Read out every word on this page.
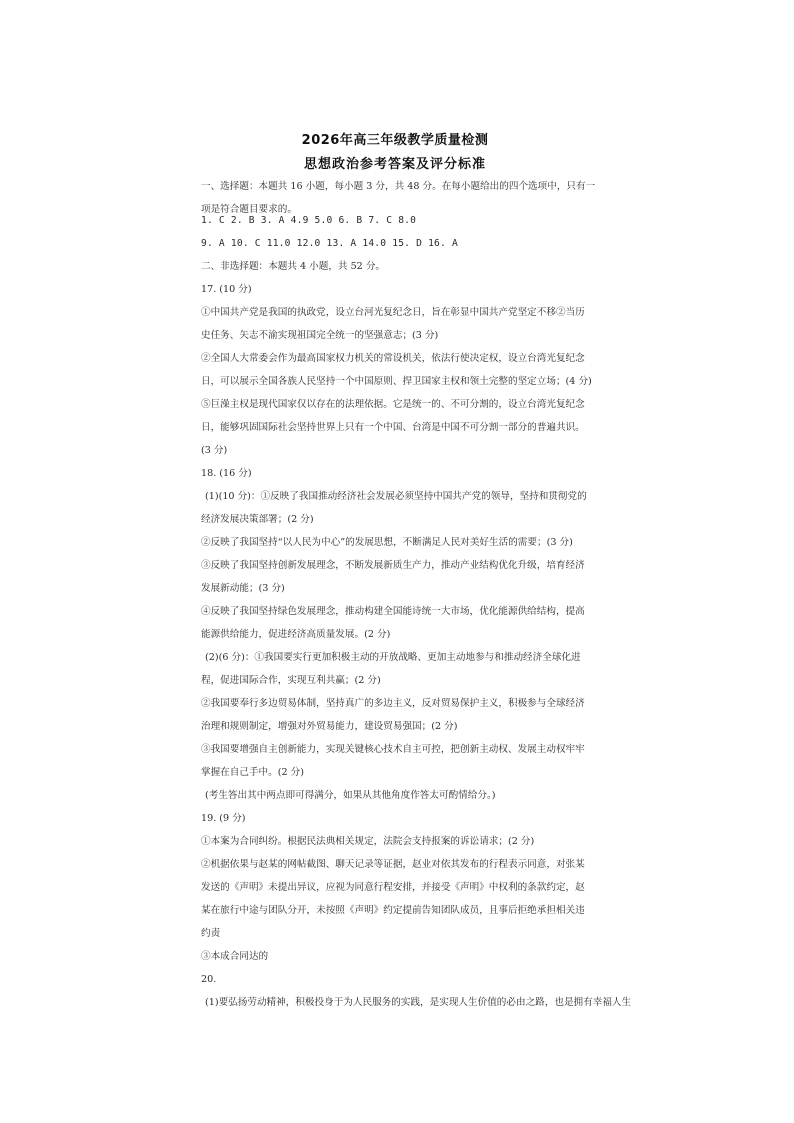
2026年高三年级教学质量检测
思想政治参考答案及评分标准
一、选择题：本题共 16 小题，每小题 3 分，共 48 分。在每小题给出的四个选项中，只有一
项是符合题目要求的。
1. C 2. B 3. A 4.9 5.0 6. B 7. C 8.0
9. A 10. C 11.0 12.0 13. A 14.0 15. D 16. A
二、非选择题：本题共 4 小题，共 52 分。
17. (10 分)
①中国共产党是我国的执政党，设立台河光复纪念日，旨在彰显中国共产党坚定不移②当历
史任务、矢志不渝实现祖国完全统一的坚强意志；(3 分)
②全国人大常委会作为最高国家权力机关的常设机关，依法行使决定权，设立台湾光复纪念
日，可以展示全国各族人民坚持一个中国原则、捍卫国家主权和领土完整的坚定立场；(4 分)
⑤巨澡主权是现代国家仅以存在的法理依据。它是统一的、不可分割的，设立台湾光复纪念
日，能够巩固国际社会坚持世界上只有一个中国、台湾是中国不可分割一部分的普遍共识。
(3 分)
18. (16 分)
(1)(10 分)：①反映了我国推动经济社会发展必须坚持中国共产党的领导，坚持和贯彻党的
经济发展决策部署；(2 分)
②反映了我国坚持“以人民为中心”的发展思想，不断满足人民对美好生活的需要；(3 分)
③反映了我国坚持创新发展理念，不断发展新质生产力，推动产业结构优化升级，培育经济
发展新动能；(3 分)
④反映了我国坚持绿色发展理念，推动构建全国能诗统一大市场，优化能源供给结构，提高
能源供给能力，促进经济高质量发展。(2 分)
(2)(6 分)：①我国要实行更加积极主动的开放战略、更加主动地参与和推动经济全球化进
程，促进国际合作，实现互利共赢；(2 分)
②我国要奉行多边贸易体制，坚持真广的多边主义，反对贸易保护主义，积极参与全球经济
治理和规则制定，增强对外贸易能力，建设贸易强国；(2 分)
③我国要增强自主创新能力，实现关键核心技术自主可控，把创新主动权、发展主动权牢牢
掌握在自己手中。(2 分)
(考生答出其中两点即可得满分，如果从其他角度作答太可酌情给分。)
19. (9 分)
①本案为合同纠纷。根据民法典相关规定，法院会支持报案的诉讼请求；(2 分)
②机据依果与赵某的网帖截图、聊天记录等证据，赵业对依其发布的行程表示同意，对张某
发送的《声明》未提出异议，应视为同意行程安排，并接受《声明》中权利的条款约定，赵
某在旅行中途与团队分开，未按照《声明》约定提前告知团队成员，且事后拒绝承担相关违
约责
③本成合同达的
20.
(1)要弘扬劳动精神，积极投身于为人民服务的实践，是实现人生价值的必由之路，也是拥有幸福人生
